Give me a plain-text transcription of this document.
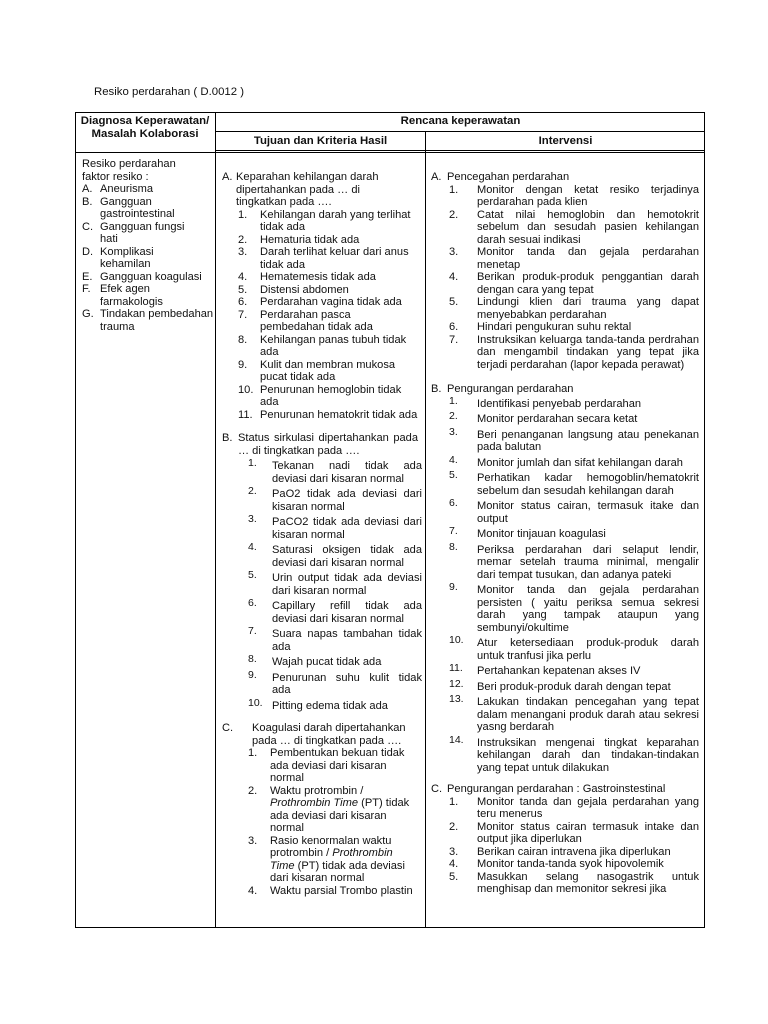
Resiko perdarahan ( D.0012 )
Diagnosa Keperawatan/
Masalah Kolaborasi
Rencana keperawatan
Tujuan dan Kriteria Hasil	Intervensi
Resiko perdarahan faktor resiko :
A. Aneurisma
B. Gangguan gastrointestinal
C. Gangguan fungsi hati
D. Komplikasi kehamilan
E. Gangguan koagulasi
F. Efek agen farmakologis
G. Tindakan pembedahan trauma
A. Keparahan kehilangan darah dipertahankan pada … di tingkatkan pada ….
1. Kehilangan darah yang terlihat tidak ada
2. Hematuria tidak ada
3. Darah terlihat keluar dari anus tidak ada
4. Hematemesis tidak ada
5. Distensi abdomen
6. Perdarahan vagina tidak ada
7. Perdarahan pasca pembedahan tidak ada
8. Kehilangan panas tubuh tidak ada
9. Kulit dan membran mukosa pucat tidak ada
10. Penurunan hemoglobin tidak ada
11. Penurunan hematokrit tidak ada
B. Status sirkulasi dipertahankan pada … di tingkatkan pada ….
1. Tekanan nadi tidak ada deviasi dari kisaran normal
2. PaO2 tidak ada deviasi dari kisaran normal
3. PaCO2 tidak ada deviasi dari kisaran normal
4. Saturasi oksigen tidak ada deviasi dari kisaran normal
5. Urin output tidak ada deviasi dari kisaran normal
6. Capillary refill tidak ada deviasi dari kisaran normal
7. Suara napas tambahan tidak ada
8. Wajah pucat tidak ada
9. Penurunan suhu kulit tidak ada
10. Pitting edema tidak ada
C. Koagulasi darah dipertahankan pada … di tingkatkan pada ….
1. Pembentukan bekuan tidak ada deviasi dari kisaran normal
2. Waktu protrombin /
Prothrombin Time (PT) tidak ada deviasi dari kisaran normal
3. Rasio kenormalan waktu protrombin / Prothrombin Time (PT) tidak ada deviasi dari kisaran normal
4. Waktu parsial Trombo plastin
A. Pencegahan perdarahan
1. Monitor dengan ketat resiko terjadinya perdarahan pada klien
2. Catat nilai hemoglobin dan hemotokrit sebelum dan sesudah pasien kehilangan darah sesuai indikasi
3. Monitor tanda dan gejala perdarahan menetap
4. Berikan produk-produk penggantian darah dengan cara yang tepat
5. Lindungi klien dari trauma yang dapat menyebabkan perdarahan
6. Hindari pengukuran suhu rektal
7. Instruksikan keluarga tanda-tanda perdrahan dan mengambil tindakan yang tepat jika terjadi perdarahan (lapor kepada perawat)
B. Pengurangan perdarahan
1. Identifikasi penyebab perdarahan
2. Monitor perdarahan secara ketat
3. Beri penanganan langsung atau penekanan pada balutan
4. Monitor jumlah dan sifat kehilangan darah
5. Perhatikan kadar hemogoblin/hematokrit sebelum dan sesudah kehilangan darah
6. Monitor status cairan, termasuk itake dan output
7. Monitor tinjauan koagulasi
8. Periksa perdarahan dari selaput lendir, memar setelah trauma minimal, mengalir dari tempat tusukan, dan adanya pateki
9. Monitor tanda dan gejala perdarahan persisten ( yaitu periksa semua sekresi darah yang tampak ataupun yang sembunyi/okultime
10. Atur ketersediaan produk-produk darah untuk tranfusi jika perlu
11. Pertahankan kepatenan akses IV
12. Beri produk-produk darah dengan tepat
13. Lakukan tindakan pencegahan yang tepat dalam menangani produk darah atau sekresi yasng berdarah
14. Instruksikan mengenai tingkat keparahan kehilangan darah dan tindakan-tindakan yang tepat untuk dilakukan
C. Pengurangan perdarahan : Gastroinstestinal
1. Monitor tanda dan gejala perdarahan yang teru menerus
2. Monitor status cairan termasuk intake dan output jika diperlukan
3. Berikan cairan intravena jika diperlukan
4. Monitor tanda-tanda syok hipovolemik
5. Masukkan selang nasogastrik untuk menghisap dan memonitor sekresi jika
